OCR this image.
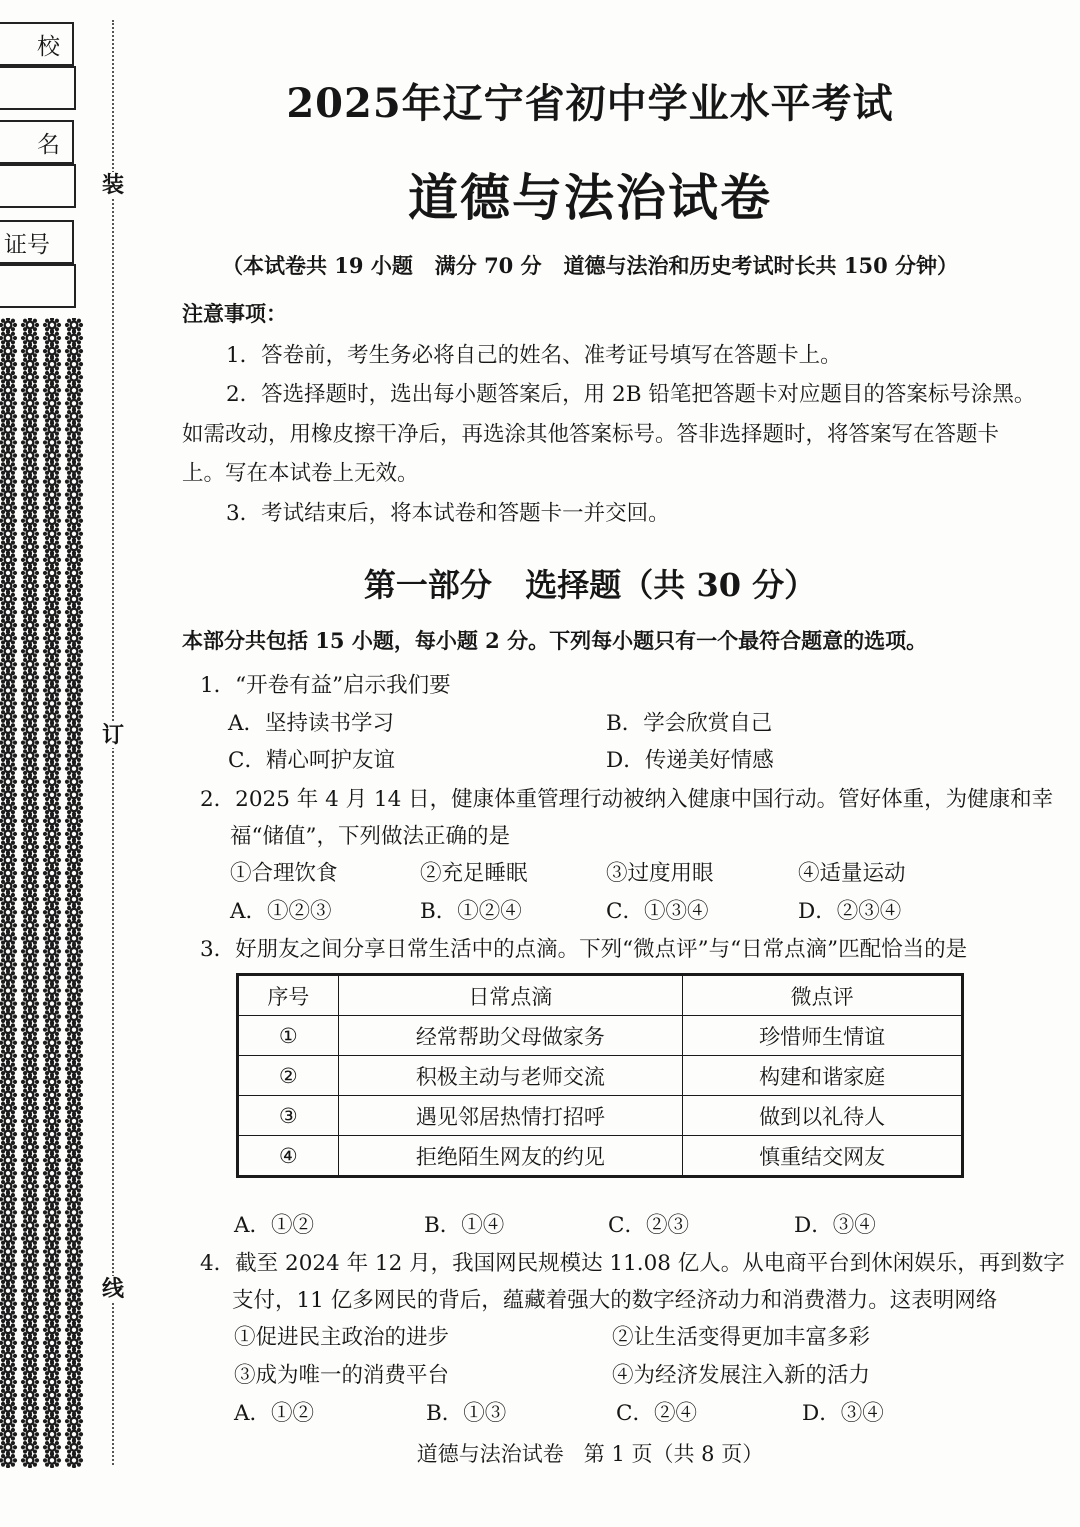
校
名
证号
装
订
线
2025年辽宁省初中学业水平考试
道德与法治试卷
（本试卷共 19 小题   满分 70 分   道德与法治和历史考试时长共 150 分钟）
注意事项：
1．答卷前，考生务必将自己的姓名、准考证号填写在答题卡上。
2．答选择题时，选出每小题答案后，用 2B 铅笔把答题卡对应题目的答案标号涂黑。
如需改动，用橡皮擦干净后，再选涂其他答案标号。答非选择题时，将答案写在答题卡
上。写在本试卷上无效。
3．考试结束后，将本试卷和答题卡一并交回。
第一部分   选择题（共 30 分）
本部分共包括 15 小题，每小题 2 分。下列每小题只有一个最符合题意的选项。
1．“开卷有益”启示我们要
A．坚持读书学习	B．学会欣赏自己
C．精心呵护友谊	D．传递美好情感
2．2025 年 4 月 14 日，健康体重管理行动被纳入健康中国行动。管好体重，为健康和幸
福“储值”，下列做法正确的是
①合理饮食	②充足睡眠	③过度用眼	④适量运动
A．①②③	B．①②④	C．①③④	D．②③④
3．好朋友之间分享日常生活中的点滴。下列“微点评”与“日常点滴”匹配恰当的是
序号	日常点滴	微点评
①	经常帮助父母做家务	珍惜师生情谊
②	积极主动与老师交流	构建和谐家庭
③	遇见邻居热情打招呼	做到以礼待人
④	拒绝陌生网友的约见	慎重结交网友
A．①②	B．①④	C．②③	D．③④
4．截至 2024 年 12 月，我国网民规模达 11.08 亿人。从电商平台到休闲娱乐，再到数字
支付，11 亿多网民的背后，蕴藏着强大的数字经济动力和消费潜力。这表明网络
①促进民主政治的进步	②让生活变得更加丰富多彩
③成为唯一的消费平台	④为经济发展注入新的活力
A．①②	B．①③	C．②④	D．③④
道德与法治试卷   第 1 页（共 8 页）
